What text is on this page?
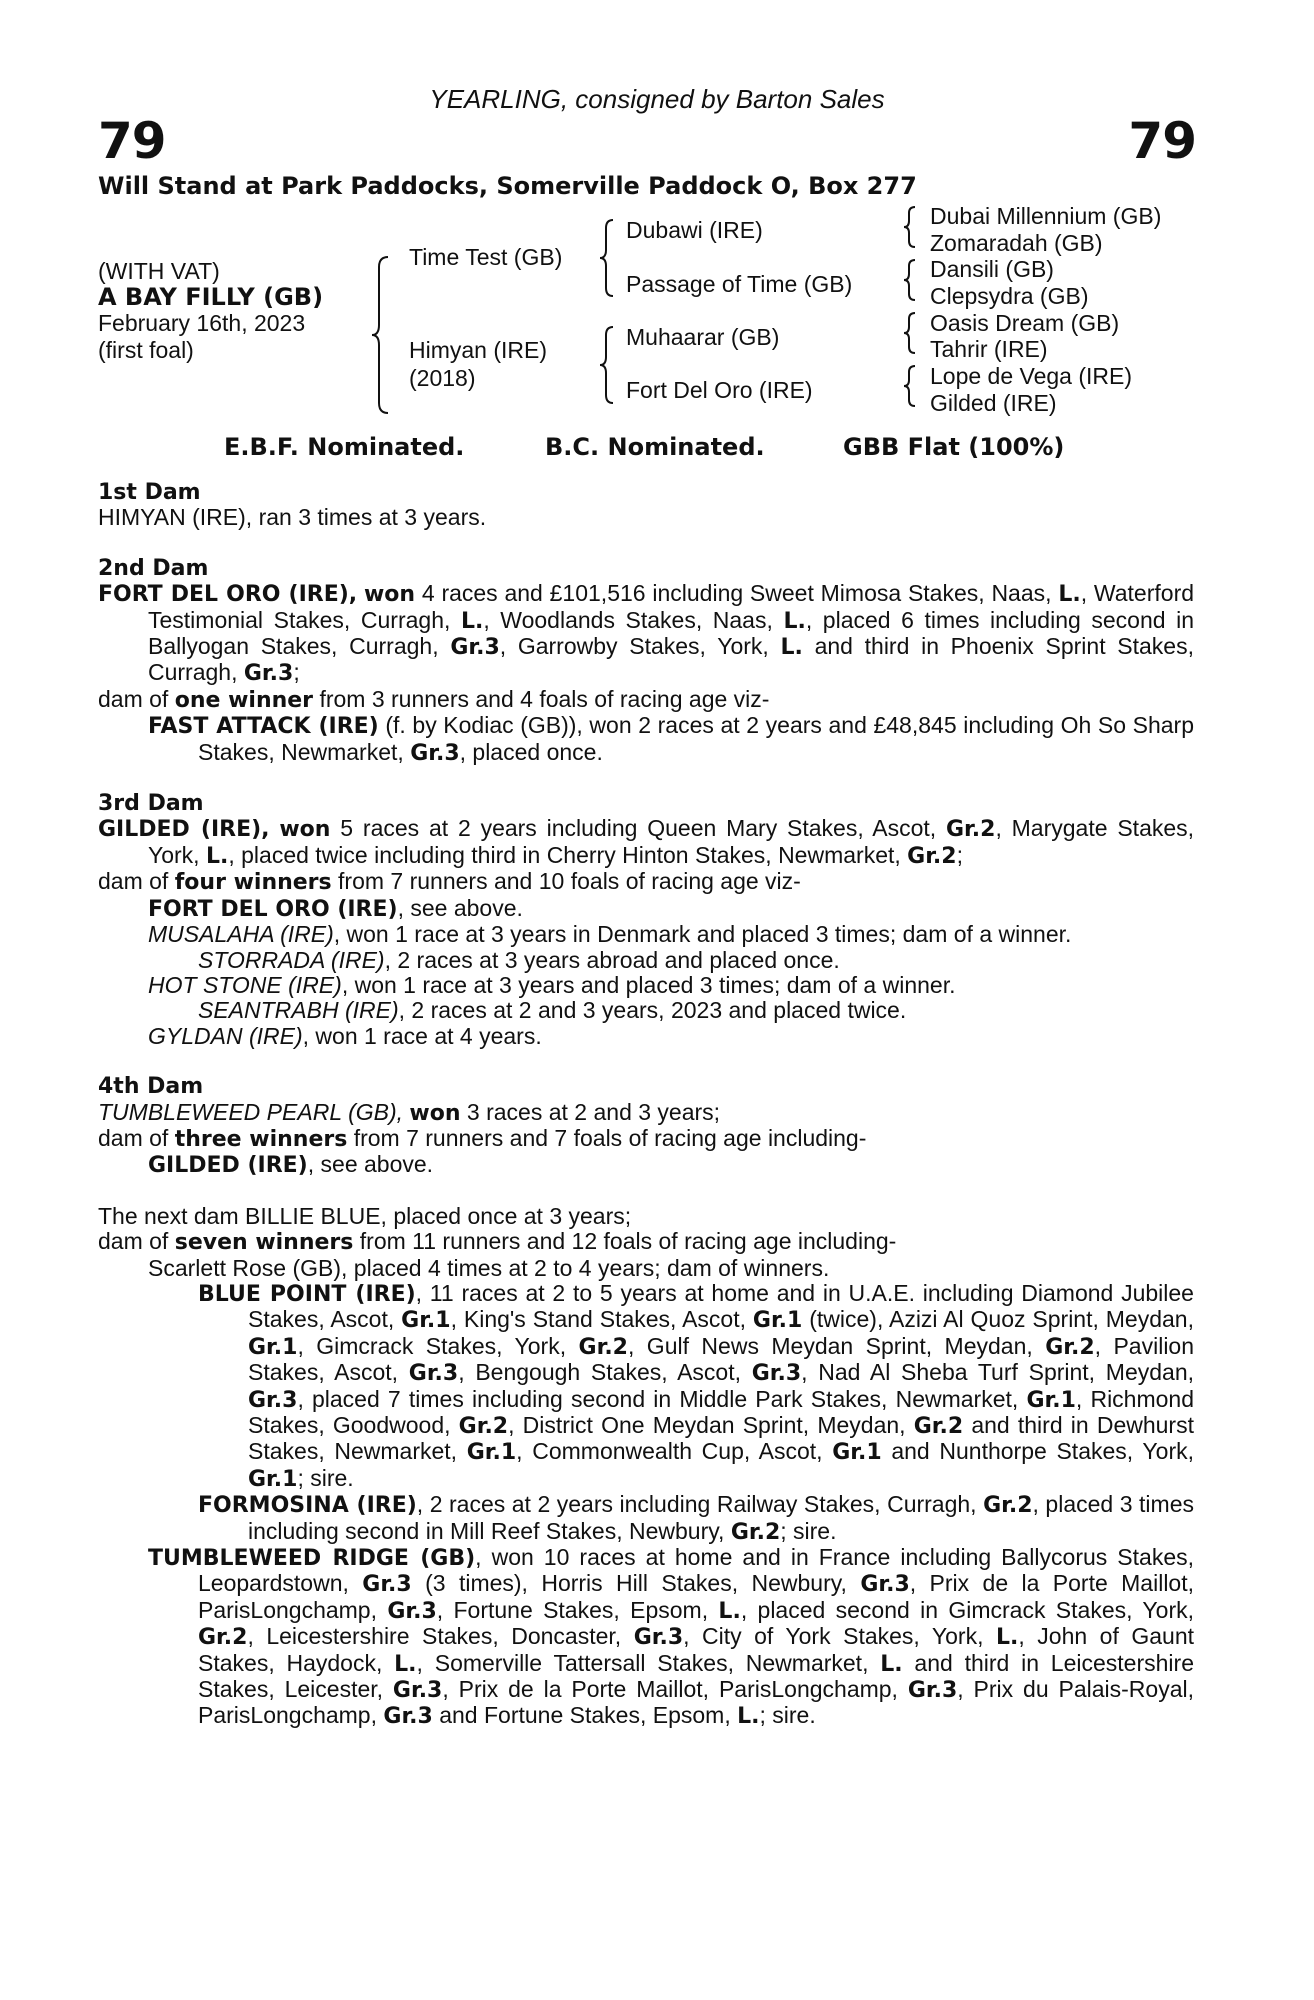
YEARLING, consigned by Barton Sales
79	79
Will Stand at Park Paddocks, Somerville Paddock O, Box 277
(WITH VAT)
A BAY FILLY (GB)
February 16th, 2023
(first foal)
Time Test (GB)
Himyan (IRE)
(2018)
Dubawi (IRE)
Passage of Time (GB)
Muhaarar (GB)
Fort Del Oro (IRE)
Dubai Millennium (GB)
Zomaradah (GB)
Dansili (GB)
Clepsydra (GB)
Oasis Dream (GB)
Tahrir (IRE)
Lope de Vega (IRE)
Gilded (IRE)
E.B.F. Nominated.	B.C. Nominated.	GBB Flat (100%)
1st Dam
HIMYAN (IRE), ran 3 times at 3 years.
2nd Dam
FORT DEL ORO (IRE), won 4 races and £101,516 including Sweet Mimosa Stakes, Naas, L., Waterford Testimonial Stakes, Curragh, L., Woodlands Stakes, Naas, L., placed 6 times including second in Ballyogan Stakes, Curragh, Gr.3, Garrowby Stakes, York, L. and third in Phoenix Sprint Stakes, Curragh, Gr.3;
dam of one winner from 3 runners and 4 foals of racing age viz-
FAST ATTACK (IRE) (f. by Kodiac (GB)), won 2 races at 2 years and £48,845 including Oh So Sharp Stakes, Newmarket, Gr.3, placed once.
3rd Dam
GILDED (IRE), won 5 races at 2 years including Queen Mary Stakes, Ascot, Gr.2, Marygate Stakes, York, L., placed twice including third in Cherry Hinton Stakes, Newmarket, Gr.2;
dam of four winners from 7 runners and 10 foals of racing age viz-
FORT DEL ORO (IRE), see above.
MUSALAHA (IRE), won 1 race at 3 years in Denmark and placed 3 times; dam of a winner.
STORRADA (IRE), 2 races at 3 years abroad and placed once.
HOT STONE (IRE), won 1 race at 3 years and placed 3 times; dam of a winner.
SEANTRABH (IRE), 2 races at 2 and 3 years, 2023 and placed twice.
GYLDAN (IRE), won 1 race at 4 years.
4th Dam
TUMBLEWEED PEARL (GB), won 3 races at 2 and 3 years;
dam of three winners from 7 runners and 7 foals of racing age including-
GILDED (IRE), see above.
The next dam BILLIE BLUE, placed once at 3 years;
dam of seven winners from 11 runners and 12 foals of racing age including-
Scarlett Rose (GB), placed 4 times at 2 to 4 years; dam of winners.
BLUE POINT (IRE), 11 races at 2 to 5 years at home and in U.A.E. including Diamond Jubilee Stakes, Ascot, Gr.1, King's Stand Stakes, Ascot, Gr.1 (twice), Azizi Al Quoz Sprint, Meydan, Gr.1, Gimcrack Stakes, York, Gr.2, Gulf News Meydan Sprint, Meydan, Gr.2, Pavilion Stakes, Ascot, Gr.3, Bengough Stakes, Ascot, Gr.3, Nad Al Sheba Turf Sprint, Meydan, Gr.3, placed 7 times including second in Middle Park Stakes, Newmarket, Gr.1, Richmond Stakes, Goodwood, Gr.2, District One Meydan Sprint, Meydan, Gr.2 and third in Dewhurst Stakes, Newmarket, Gr.1, Commonwealth Cup, Ascot, Gr.1 and Nunthorpe Stakes, York, Gr.1; sire.
FORMOSINA (IRE), 2 races at 2 years including Railway Stakes, Curragh, Gr.2, placed 3 times including second in Mill Reef Stakes, Newbury, Gr.2; sire.
TUMBLEWEED RIDGE (GB), won 10 races at home and in France including Ballycorus Stakes, Leopardstown, Gr.3 (3 times), Horris Hill Stakes, Newbury, Gr.3, Prix de la Porte Maillot, ParisLongchamp, Gr.3, Fortune Stakes, Epsom, L., placed second in Gimcrack Stakes, York, Gr.2, Leicestershire Stakes, Doncaster, Gr.3, City of York Stakes, York, L., John of Gaunt Stakes, Haydock, L., Somerville Tattersall Stakes, Newmarket, L. and third in Leicestershire Stakes, Leicester, Gr.3, Prix de la Porte Maillot, ParisLongchamp, Gr.3, Prix du Palais-Royal, ParisLongchamp, Gr.3 and Fortune Stakes, Epsom, L.; sire.
